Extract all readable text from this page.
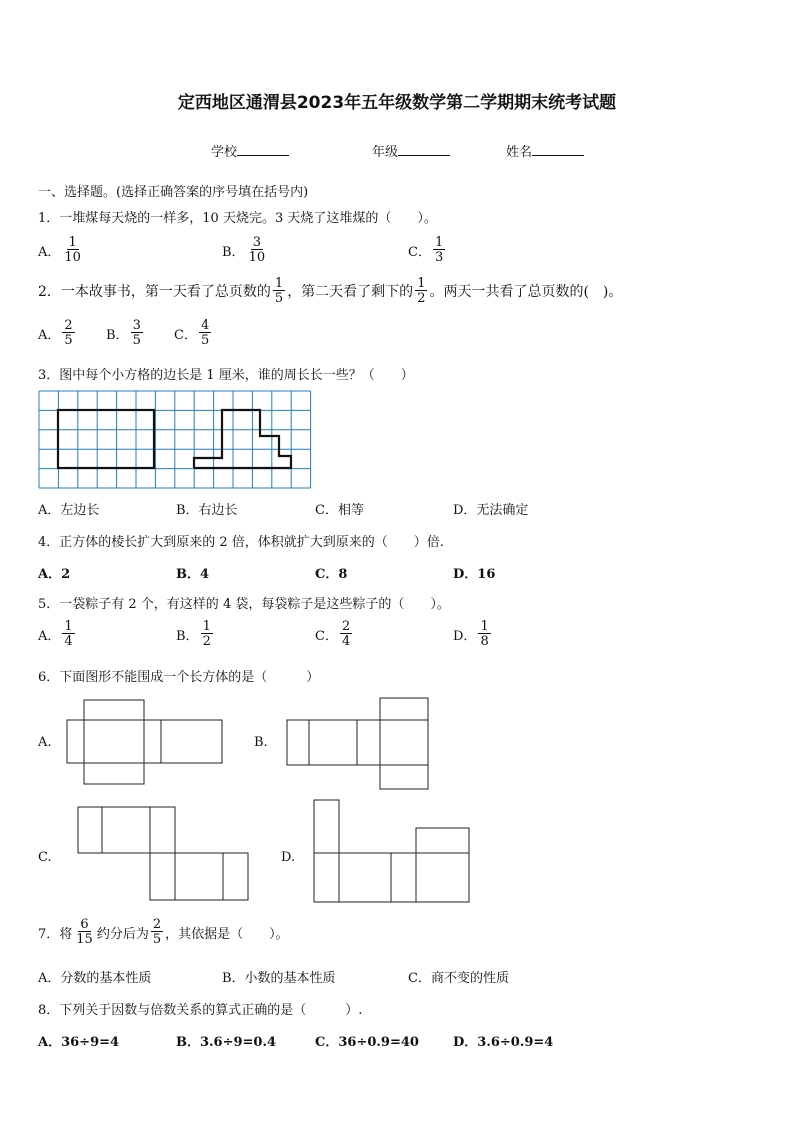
定西地区通渭县2023年五年级数学第二学期期末统考试题
学校	年级	姓名
一、选择题。(选择正确答案的序号填在括号内)
1．一堆煤每天烧的一样多，10 天烧完。3 天烧了这堆煤的（　　）。
A． $\frac{1}{10}$	B． $\frac{3}{10}$	C． $\frac{1}{3}$
2．一本故事书，第一天看了总页数的 $\frac{1}{5}$ ，第二天看了剩下的 $\frac{1}{2}$ 。两天一共看了总页数的(　)。
A． $\frac{2}{5}$ B． $\frac{3}{5}$ C． $\frac{4}{5}$
3．图中每个小方格的边长是 1 厘米，谁的周长长一些？（　　）
A．左边长	B．右边长	C．相等	D．无法确定
4．正方体的棱长扩大到原来的 2 倍，体积就扩大到原来的（　　）倍.
A．2	B．4	C．8	D．16
5．一袋粽子有 2 个，有这样的 4 袋，每袋粽子是这些粽子的（　　）。
A． $\frac{1}{4}$	B． $\frac{1}{2}$	C． $\frac{2}{4}$	D． $\frac{1}{8}$
6．下面图形不能围成一个长方体的是（　　　）
A.	B.
C.	D.
7．将 $\frac{6}{15}$ 约分后为 $\frac{2}{5}$ ，其依据是（　　）。
A．分数的基本性质	B．小数的基本性质	C．商不变的性质
8．下列关于因数与倍数关系的算式正确的是（　　　）.
A．36÷9=4	B．3.6÷9=0.4	C．36÷0.9=40	D．3.6÷0.9=4
